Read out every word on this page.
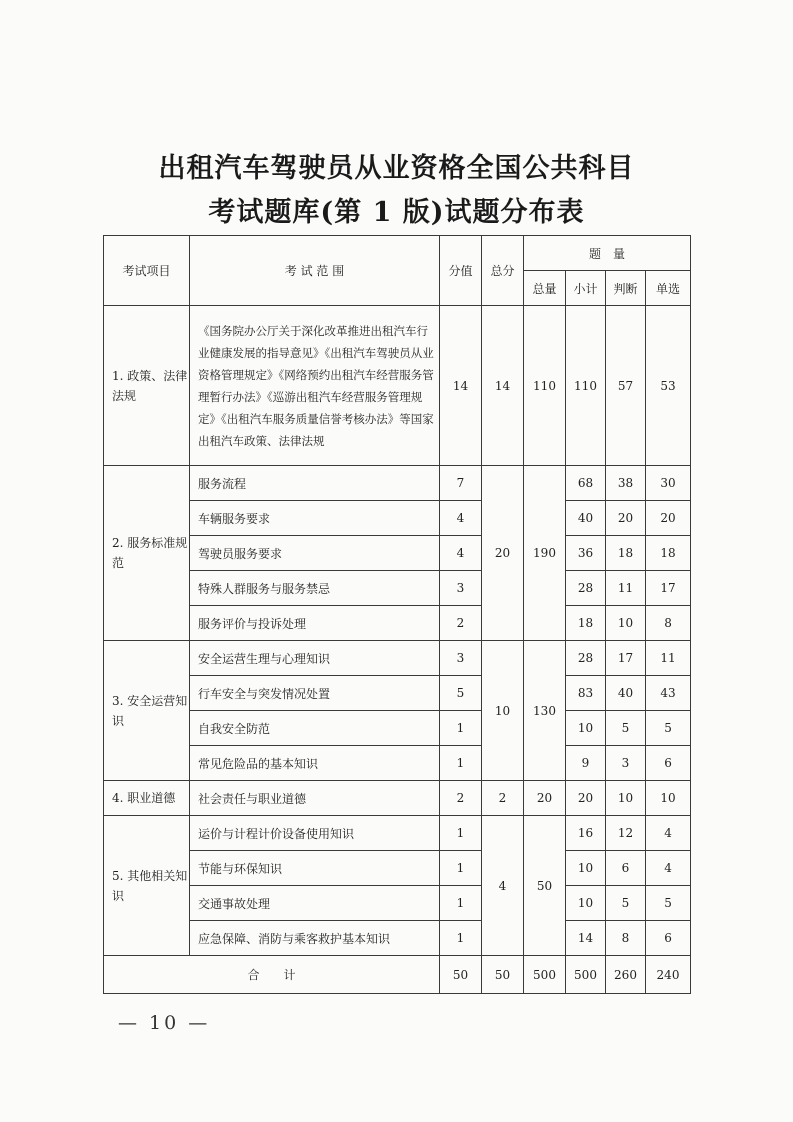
出租汽车驾驶员从业资格全国公共科目
考试题库(第 1 版)试题分布表
考试项目	考 试 范 围	分值	总分	题　量			
				总量	小计	判断	单选
1. 政策、法律法规	《国务院办公厅关于深化改革推进出租汽车行业健康发展的指导意见》《出租汽车驾驶员从业资格管理规定》《网络预约出租汽车经营服务管理暂行办法》《巡游出租汽车经营服务管理规定》《出租汽车服务质量信誉考核办法》等国家出租汽车政策、法律法规	14	14	110	110	57	53
2. 服务标准规范	服务流程	7	20	190	68	38	30
	车辆服务要求	4			40	20	20
	驾驶员服务要求	4			36	18	18
	特殊人群服务与服务禁忌	3			28	11	17
	服务评价与投诉处理	2			18	10	8
3. 安全运营知识	安全运营生理与心理知识	3	10	130	28	17	11
	行车安全与突发情况处置	5			83	40	43
	自我安全防范	1			10	5	5
	常见危险品的基本知识	1			9	3	6
4. 职业道德	社会责任与职业道德	2	2	20	20	10	10
5. 其他相关知识	运价与计程计价设备使用知识	1	4	50	16	12	4
	节能与环保知识	1			10	6	4
	交通事故处理	1			10	5	5
	应急保障、消防与乘客救护基本知识	1			14	8	6
合　　计		50	50	500	500	260	240
— 10 —
